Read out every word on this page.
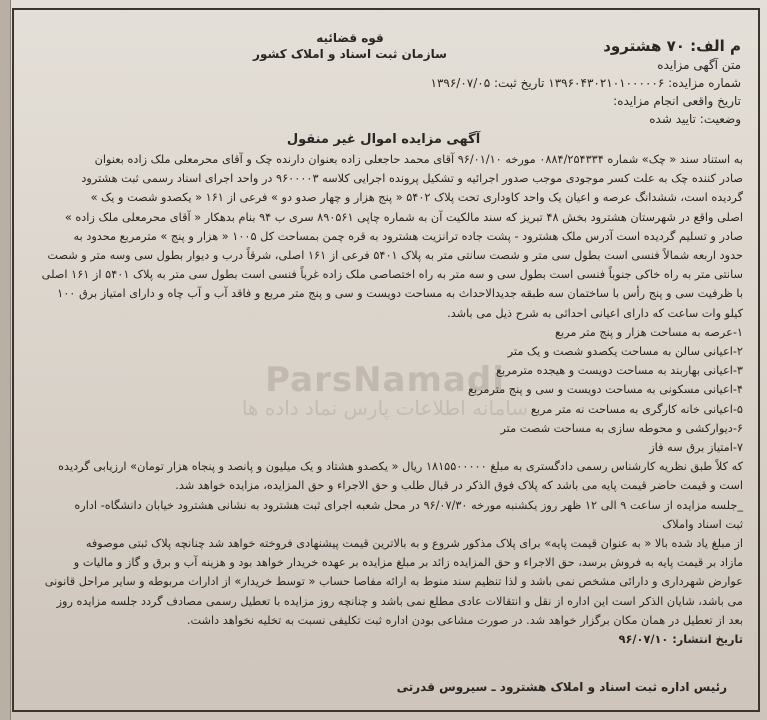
قوه قضائیه
سازمان ثبت اسناد و املاک کشور	م الف: ۷۰ هشترود
متن آگهی مزایده
شماره مزایده: ۱۳۹۶۰۴۳۰۲۱۰۱۰۰۰۰۰۶ تاریخ ثبت: ۱۳۹۶/۰۷/۰۵
تاریخ واقعی انجام مزایده:
وضعیت: تایید شده
آگهی مزایده اموال غیر منقول
ParsNamadi
سامانه اطلاعات پارس نماد داده ها

به استناد سند « چک» شماره ۰۸۸۴/۲۵۴۳۳۴ مورخه ۹۶/۰۱/۱۰ آقای محمد حاجعلی زاده بعنوان دارنده چک و آقای محرمعلی ملک زاده بعنوان

صادر کننده چک به علت کسر موجودی موجب صدور اجرائیه و تشکیل پرونده اجرایی کلاسه ۹۶۰۰۰۰۳ در واحد اجرای اسناد رسمی ثبت هشترود

گردیده است، ششدانگ عرصه و اعیان یک واحد کاوداری تحت پلاک ۵۴۰۲ « پنج هزار و چهار صدو دو » فرعی از ۱۶۱ « یکصدو شصت و یک »

اصلی واقع در شهرستان هشترود بخش ۴۸ تبریز که سند مالکیت آن به شماره چاپی ۸۹۰۵۶۱ سری ب ۹۴ بنام بدهکار « آقای محرمعلی ملک زاده »

صادر و تسلیم گردیده است آدرس ملک هشترود - پشت جاده ترانزیت هشترود به قره چمن بمساحت کل ۱۰۰۵ « هزار و پنج » مترمربع محدود به

حدود اربعه شمالاً فنسی است بطول سی متر و شصت سانتی متر به پلاک ۵۴۰۱ فرعی از ۱۶۱ اصلی، شرقاً درب و دیوار بطول سی وسه متر و شصت

سانتی متر به راه خاکی جنوباً فنسی است بطول سی و سه متر به راه اختصاصی ملک زاده غرباً فنسی است بطول سی متر به پلاک ۵۴۰۱ از ۱۶۱ اصلی

با ظرفیت سی و پنج رأس با ساختمان سه طبقه جدیدالاحداث به مساحت دویست و سی و پنج متر مربع و فاقد آب و آب چاه و دارای امتیاز برق ۱۰۰

کیلو وات ساعت که دارای اعیانی احداثی به شرح ذیل می باشد.

۱-عرصه به مساحت هزار و پنج متر مربع
۲-اعیانی سالن به مساحت یکصدو شصت و یک متر
۳-اعیانی بهاربند به مساحت دویست و هیجده مترمربع
۴-اعیانی مسکونی به مساحت دویست و سی و پنج مترمربع
۵-اعیانی خانه کارگری به مساحت نه متر مربع
۶-دیوارکشی و محوطه سازی به مساحت شصت متر
۷-امتیاز برق سه فاز

که کلاً طبق نظریه کارشناس رسمی دادگستری به مبلغ ۱۸۱۵۵۰۰۰۰۰ ریال « یکصدو هشتاد و یک میلیون و پانصد و پنجاه هزار تومان» ارزیابی گردیده

است و قیمت حاضر قیمت پایه می باشد که پلاک فوق الذکر در قبال طلب و حق الاجراء و حق المزایده، مزایده خواهد شد.

_جلسه مزایده از ساعت ۹ الی ۱۲ ظهر روز یکشنبه مورخه ۹۶/۰۷/۳۰ در محل شعبه اجرای ثبت هشترود به نشانی هشترود خیابان دانشگاه- اداره

ثبت اسناد واملاک

از مبلغ یاد شده بالا « به عنوان قیمت پایه» برای پلاک مذکور شروع و به بالاترین قیمت پیشنهادی فروخته خواهد شد چنانچه پلاک ثبتی موصوفه

مازاد بر قیمت پایه به فروش برسد، حق الاجراء و حق المزایده زائد بر مبلغ مزایده بر عهده خریدار خواهد بود و هزینه آب و برق و گاز و مالیات و

عوارض شهرداری و دارائی مشخص نمی باشد و لذا تنظیم سند منوط به ارائه مفاصا حساب « توسط خریدار» از ادارات مربوطه و سایر مراحل قانونی

می باشد، شایان الذکر است این اداره از نقل و انتقالات عادی مطلع نمی باشد و چنانچه روز مزایده با تعطیل رسمی مصادف گردد جلسه مزایده روز

بعد از تعطیل در همان مکان برگزار خواهد شد. در صورت مشاعی بودن اداره ثبت تکلیفی نسبت به تخلیه نخواهد داشت.

تاریخ انتشار: ۹۶/۰۷/۱۰

رئیس اداره ثبت اسناد و املاک هشترود ـ سیروس قدرتی
